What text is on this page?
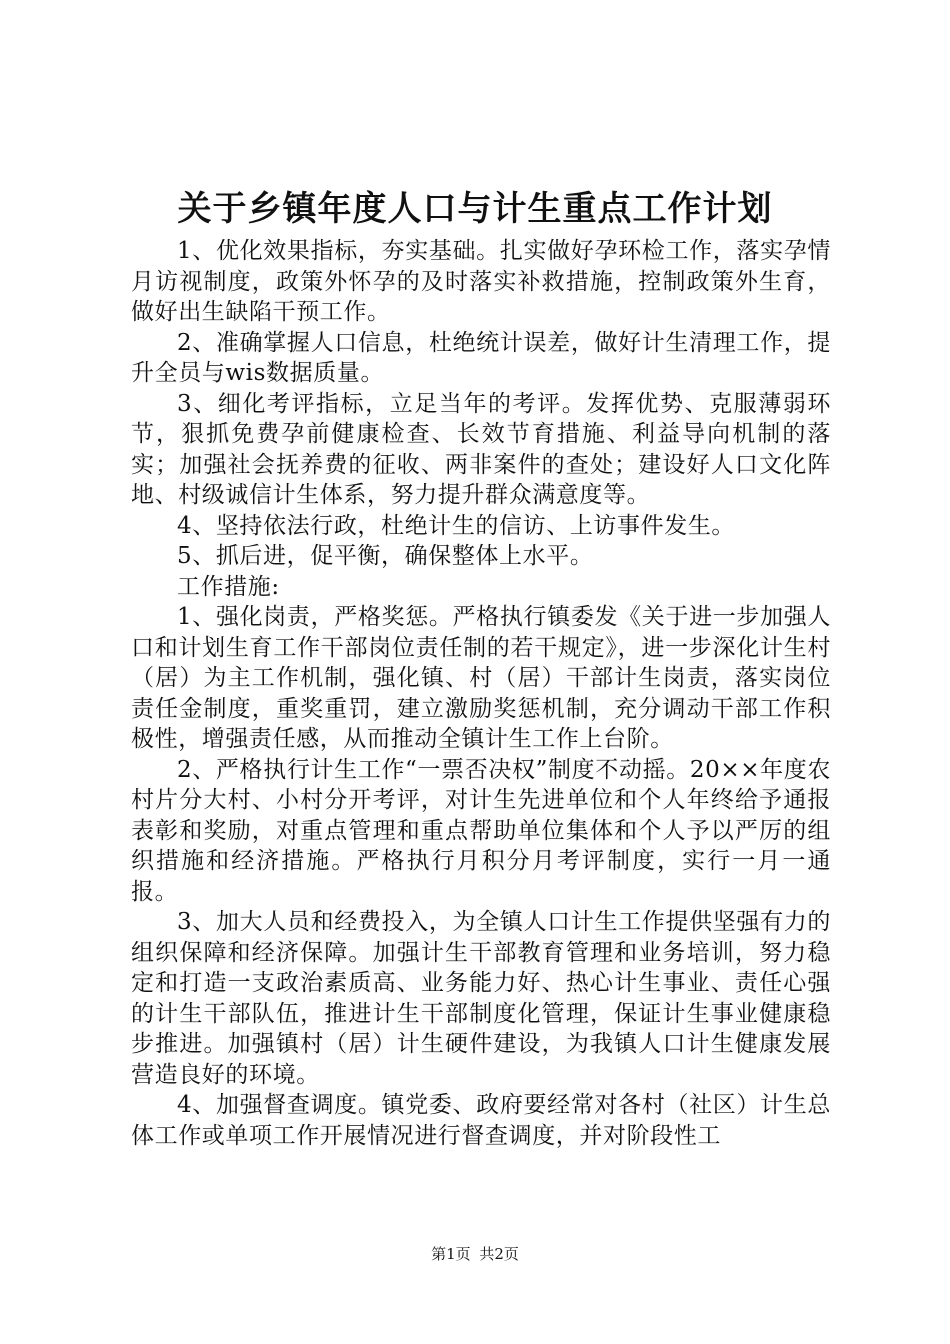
关于乡镇年度人口与计生重点工作计划

1、优化效果指标，夯实基础。扎实做好孕环检工作，落实孕情月访视制度，政策外怀孕的及时落实补救措施，控制政策外生育，做好出生缺陷干预工作。

2、准确掌握人口信息，杜绝统计误差，做好计生清理工作，提升全员与wis数据质量。

3、细化考评指标，立足当年的考评。发挥优势、克服薄弱环节，狠抓免费孕前健康检查、长效节育措施、利益导向机制的落实；加强社会抚养费的征收、两非案件的查处；建设好人口文化阵地、村级诚信计生体系，努力提升群众满意度等。

4、坚持依法行政，杜绝计生的信访、上访事件发生。

5、抓后进，促平衡，确保整体上水平。

工作措施:

1、强化岗责，严格奖惩。严格执行镇委发《关于进一步加强人口和计划生育工作干部岗位责任制的若干规定》，进一步深化计生村（居）为主工作机制，强化镇、村（居）干部计生岗责，落实岗位责任金制度，重奖重罚，建立激励奖惩机制，充分调动干部工作积极性，增强责任感，从而推动全镇计生工作上台阶。

2、严格执行计生工作“一票否决权”制度不动摇。20××年度农村片分大村、小村分开考评，对计生先进单位和个人年终给予通报表彰和奖励，对重点管理和重点帮助单位集体和个人予以严厉的组织措施和经济措施。严格执行月积分月考评制度，实行一月一通报。

3、加大人员和经费投入，为全镇人口计生工作提供坚强有力的组织保障和经济保障。加强计生干部教育管理和业务培训，努力稳定和打造一支政治素质高、业务能力好、热心计生事业、责任心强的计生干部队伍，推进计生干部制度化管理，保证计生事业健康稳步推进。加强镇村（居）计生硬件建设，为我镇人口计生健康发展营造良好的环境。

4、加强督查调度。镇党委、政府要经常对各村（社区）计生总体工作或单项工作开展情况进行督查调度，并对阶段性工

第1页 共2页
